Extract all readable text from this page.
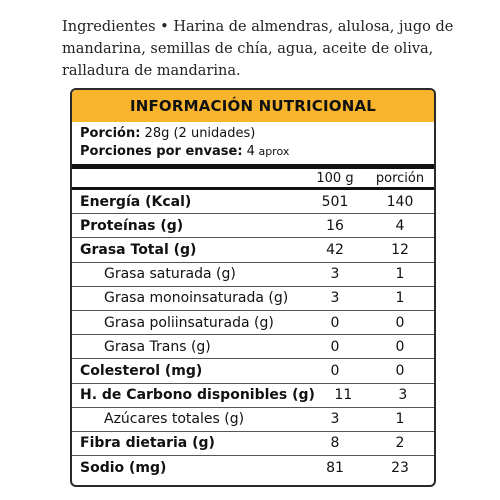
Ingredientes • Harina de almendras, alulosa, jugo de mandarina, semillas de chía, agua, aceite de oliva, ralladura de mandarina.

INFORMACIÓN NUTRICIONAL
Porción: 28g (2 unidades)
Porciones por envase: 4 aprox
100 g	porción
Energía (Kcal)	501	140
Proteínas (g)	16	4
Grasa Total (g)	42	12
Grasa saturada (g)	3	1
Grasa monoinsaturada (g)	3	1
Grasa poliinsaturada (g)	0	0
Grasa Trans (g)	0	0
Colesterol (mg)	0	0
H. de Carbono disponibles (g)	11	3
Azúcares totales (g)	3	1
Fibra dietaria (g)	8	2
Sodio (mg)	81	23
